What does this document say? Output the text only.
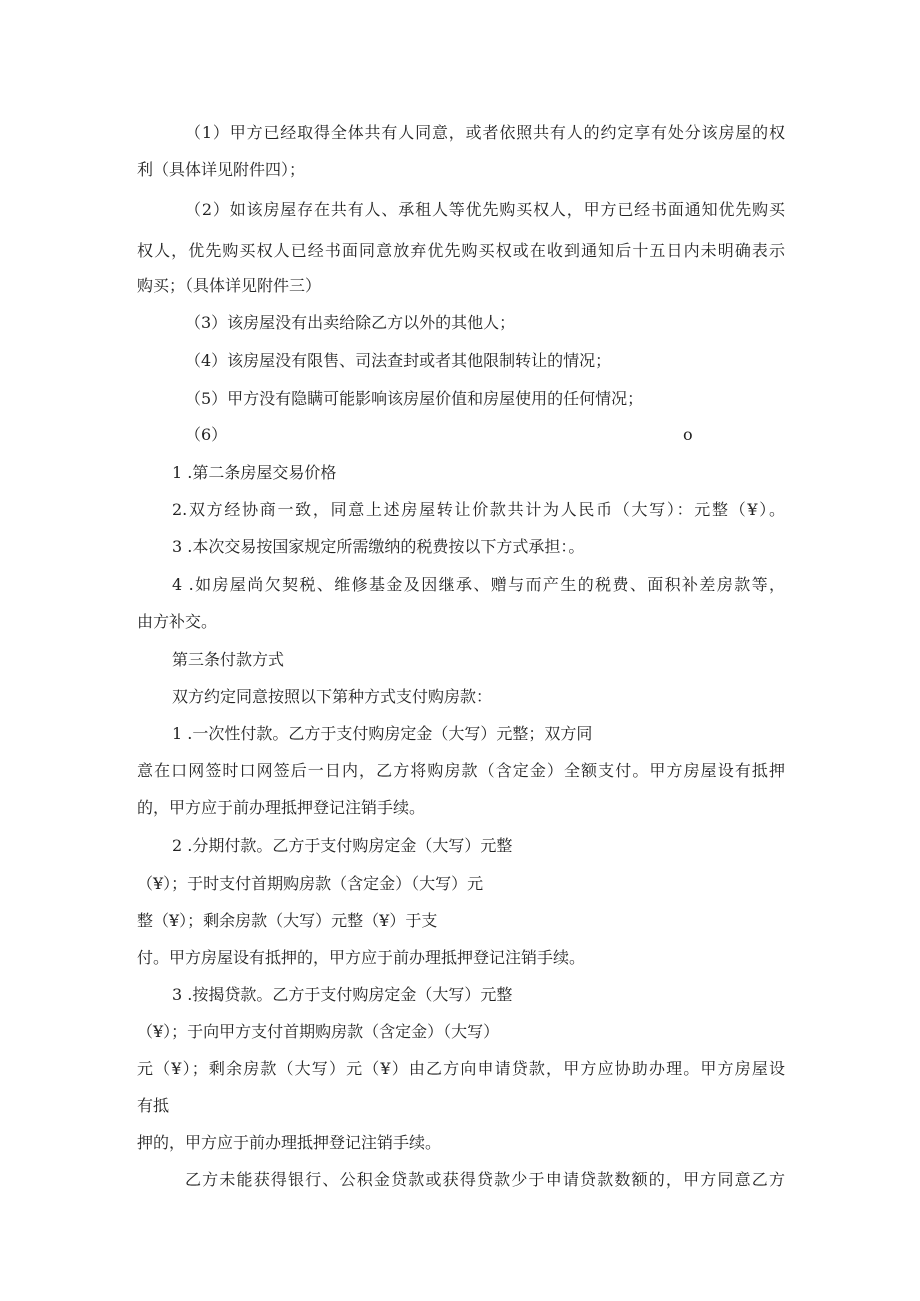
（1）甲方已经取得全体共有人同意，或者依照共有人的约定享有处分该房屋的权
利（具体详见附件四）；
（2）如该房屋存在共有人、承租人等优先购买权人，甲方已经书面通知优先购买
权人，优先购买权人已经书面同意放弃优先购买权或在收到通知后十五日内未明确表示
购买；（具体详见附件三）
（3）该房屋没有出卖给除乙方以外的其他人；
（4）该房屋没有限售、司法查封或者其他限制转让的情况；
（5）甲方没有隐瞒可能影响该房屋价值和房屋使用的任何情况；
（6）	o
1 .第二条房屋交易价格
2.双方经协商一致，同意上述房屋转让价款共计为人民币（大写）：元整（¥）。
3 .本次交易按国家规定所需缴纳的税费按以下方式承担：。
4 .如房屋尚欠契税、维修基金及因继承、赠与而产生的税费、面积补差房款等，
由方补交。
第三条付款方式
双方约定同意按照以下第种方式支付购房款：
1 .一次性付款。乙方于支付购房定金（大写）元整；双方同
意在口网签时口网签后一日内，乙方将购房款（含定金）全额支付。甲方房屋设有抵押
的，甲方应于前办理抵押登记注销手续。
2 .分期付款。乙方于支付购房定金（大写）元整
（¥）；于时支付首期购房款（含定金）（大写）元
整（¥）；剩余房款（大写）元整（¥）于支
付。甲方房屋设有抵押的，甲方应于前办理抵押登记注销手续。
3 .按揭贷款。乙方于支付购房定金（大写）元整
（¥）；于向甲方支付首期购房款（含定金）（大写）
元（¥）；剩余房款（大写）元（¥）由乙方向申请贷款，甲方应协助办理。甲方房屋设
有抵
押的，甲方应于前办理抵押登记注销手续。
乙方未能获得银行、公积金贷款或获得贷款少于申请贷款数额的，甲方同意乙方
